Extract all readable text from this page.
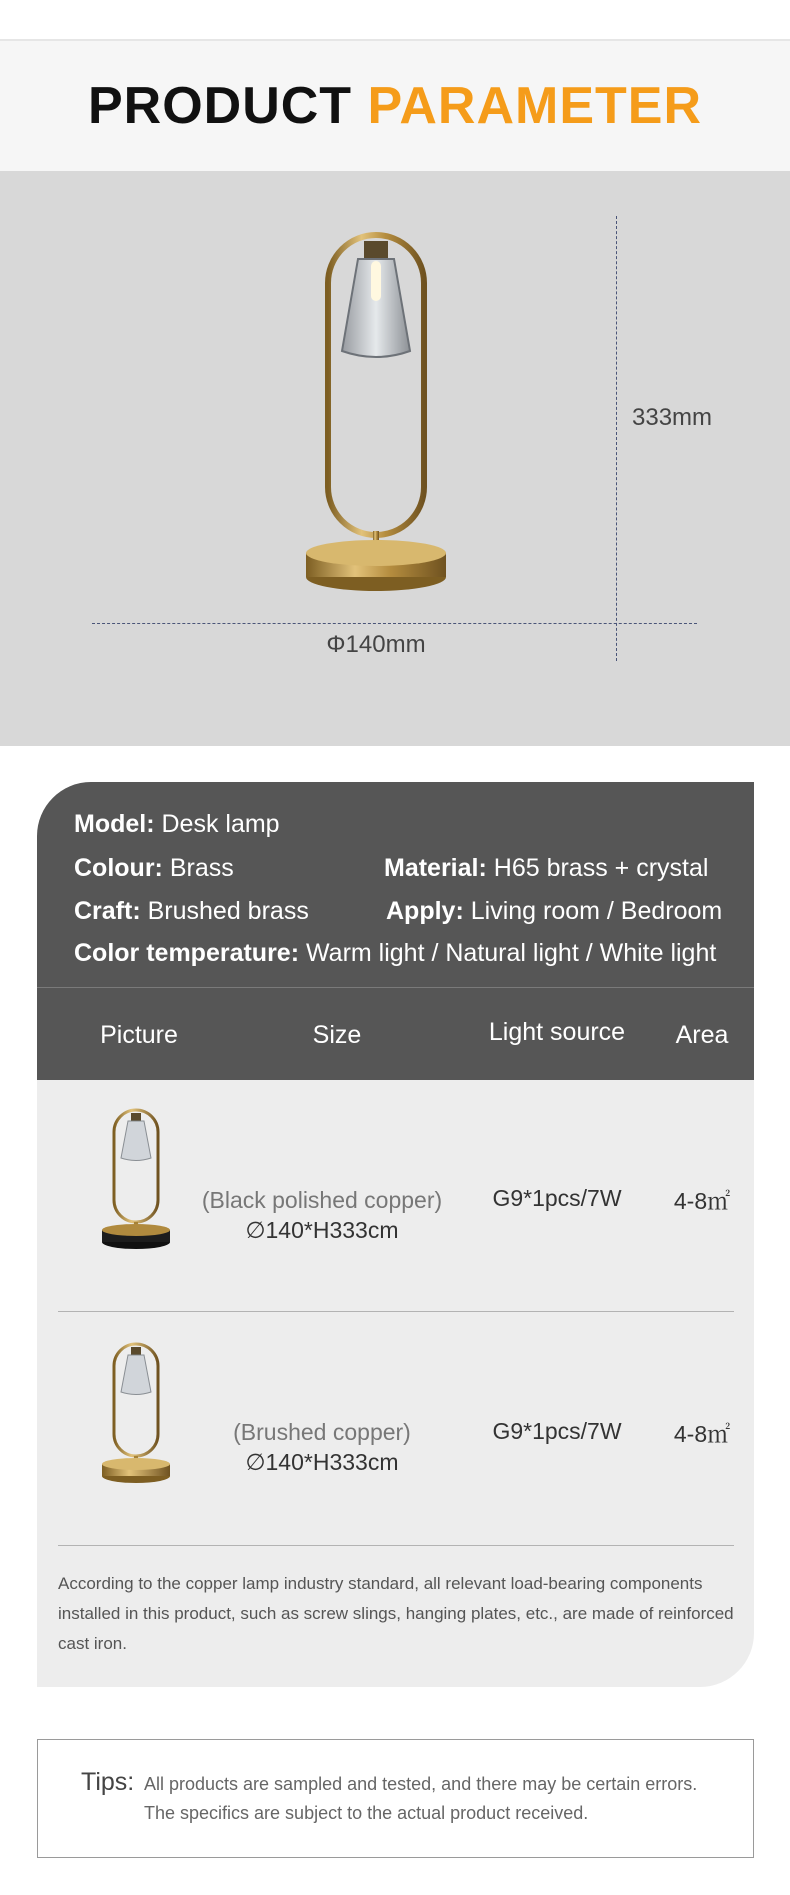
PRODUCT PARAMETER
333mm
Φ140mm
Model: Desk lamp
Colour: Brass	Material: H65 brass + crystal
Craft: Brushed brass	Apply: Living room / Bedroom
Color temperature: Warm light / Natural light / White light
Picture	Size	Light source	Area
(Black polished copper)
∅140*H333cm
G9*1pcs/7W	4-8㎡
(Brushed copper)
∅140*H333cm
G9*1pcs/7W	4-8㎡
According to the copper lamp industry standard, all relevant load-bearing components installed in this product, such as screw slings, hanging plates, etc., are made of reinforced cast iron.
Tips: All products are sampled and tested, and there may be certain errors.
The specifics are subject to the actual product received.
